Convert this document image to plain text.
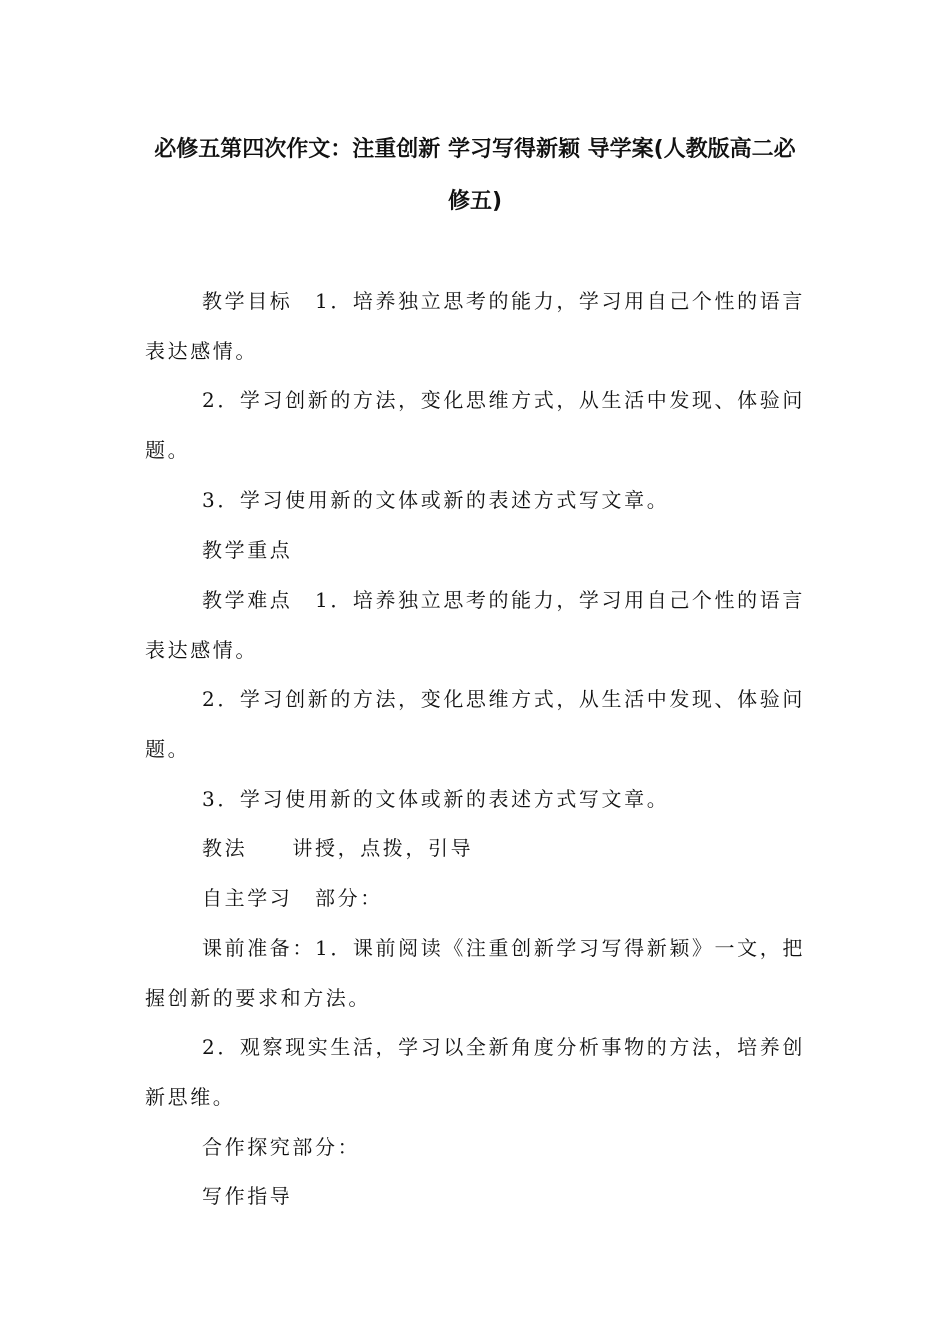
必修五第四次作文：注重创新 学习写得新颖 导学案(人教版高二必
修五)
教学目标　1．培养独立思考的能力，学习用自己个性的语言
表达感情。
2．学习创新的方法，变化思维方式，从生活中发现、体验问
题。
3．学习使用新的文体或新的表述方式写文章。
教学重点
教学难点　1．培养独立思考的能力，学习用自己个性的语言
表达感情。
2．学习创新的方法，变化思维方式，从生活中发现、体验问
题。
3．学习使用新的文体或新的表述方式写文章。
教法　　讲授，点拨，引导
自主学习　部分：
课前准备：1．课前阅读《注重创新学习写得新颖》一文，把
握创新的要求和方法。
2．观察现实生活，学习以全新角度分析事物的方法，培养创
新思维。
合作探究部分：
写作指导
